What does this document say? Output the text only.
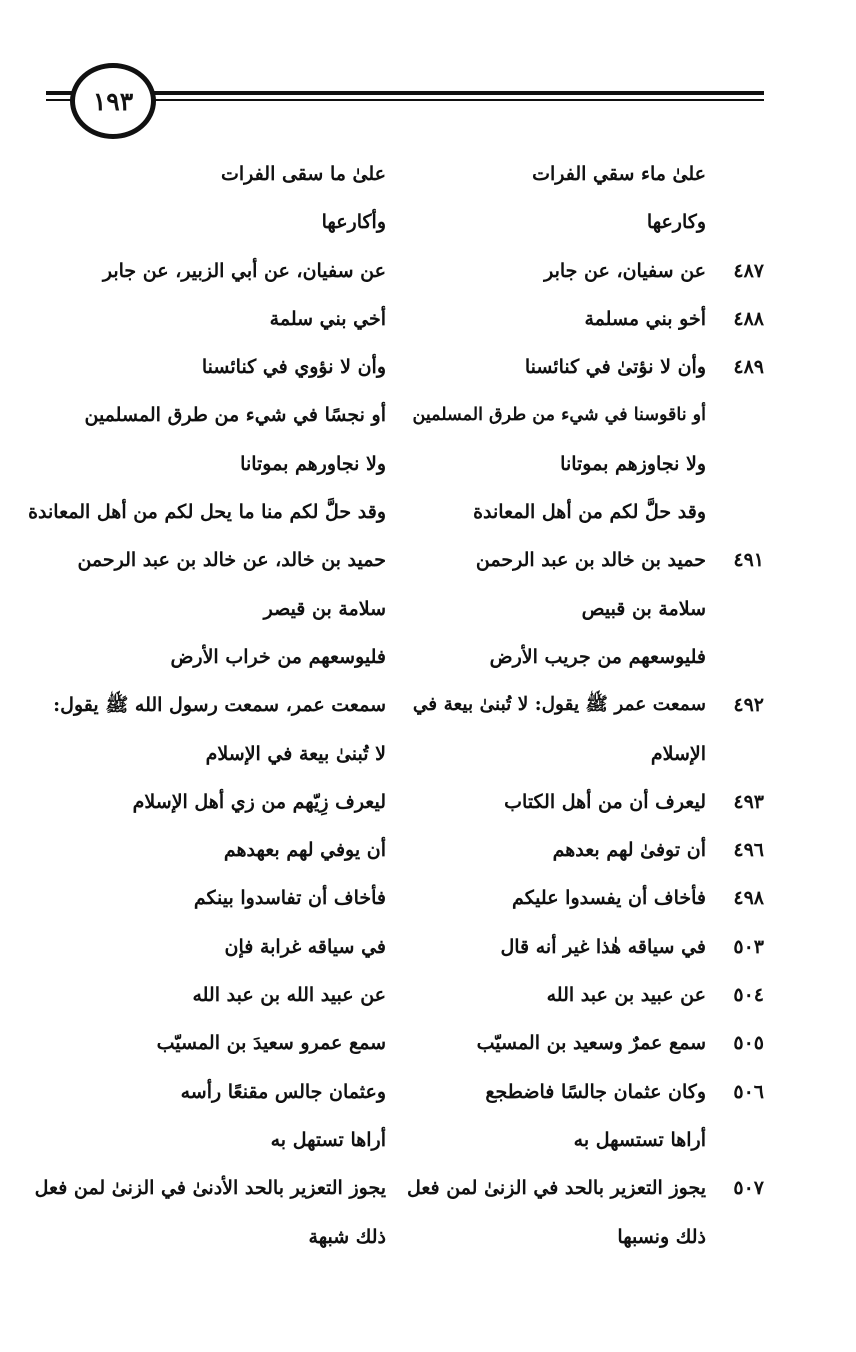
١٩٣
علىٰ ماء سقي الفرات
علىٰ ما سقى الفرات
وكارعها
وأكارعها
٤٨٧
عن سفيان، عن جابر
عن سفيان، عن أبي الزبير، عن جابر
٤٨٨
أخو بني مسلمة
أخي بني سلمة
٤٨٩
وأن لا نؤتىٰ في كنائسنا
وأن لا نؤوي في كنائسنا
أو ناقوسنا في شيء من طرق المسلمين
أو نجسًا في شيء من طرق المسلمين
ولا نجاوزهم بموتانا
ولا نجاورهم بموتانا
وقد حلَّ لكم من أهل المعاندة
وقد حلَّ لكم منا ما يحل لكم من أهل المعاندة
٤٩١
حميد بن خالد بن عبد الرحمن
حميد بن خالد، عن خالد بن عبد الرحمن
سلامة بن قبيص
سلامة بن قيصر
فليوسعهم من جريب الأرض
فليوسعهم من خراب الأرض
٤٩٢
سمعت عمر ﷺ يقول: لا تُبنىٰ بيعة في
سمعت عمر، سمعت رسول الله ﷺ يقول:
الإسلام
لا تُبنىٰ بيعة في الإسلام
٤٩٣
ليعرف أن من أهل الكتاب
ليعرف زِيّهم من زي أهل الإسلام
٤٩٦
أن توفىٰ لهم بعدهم
أن يوفي لهم بعهدهم
٤٩٨
فأخاف أن يفسدوا عليكم
فأخاف أن تفاسدوا بينكم
٥٠٣
في سياقه هٰذا غير أنه قال
في سياقه غرابة فإن
٥٠٤
عن عبيد بن عبد الله
عن عبيد الله بن عبد الله
٥٠٥
سمع عمرٌ وسعيد بن المسيّب
سمع عمرو سعيدَ بن المسيّب
٥٠٦
وكان عثمان جالسًا فاضطجع
وعثمان جالس مقنعًا رأسه
أراها تستسهل به
أراها تستهل به
٥٠٧
يجوز التعزير بالحد في الزنىٰ لمن فعل
يجوز التعزير بالحد الأدنىٰ في الزنىٰ لمن فعل
ذلك ونسبها
ذلك شبهة
